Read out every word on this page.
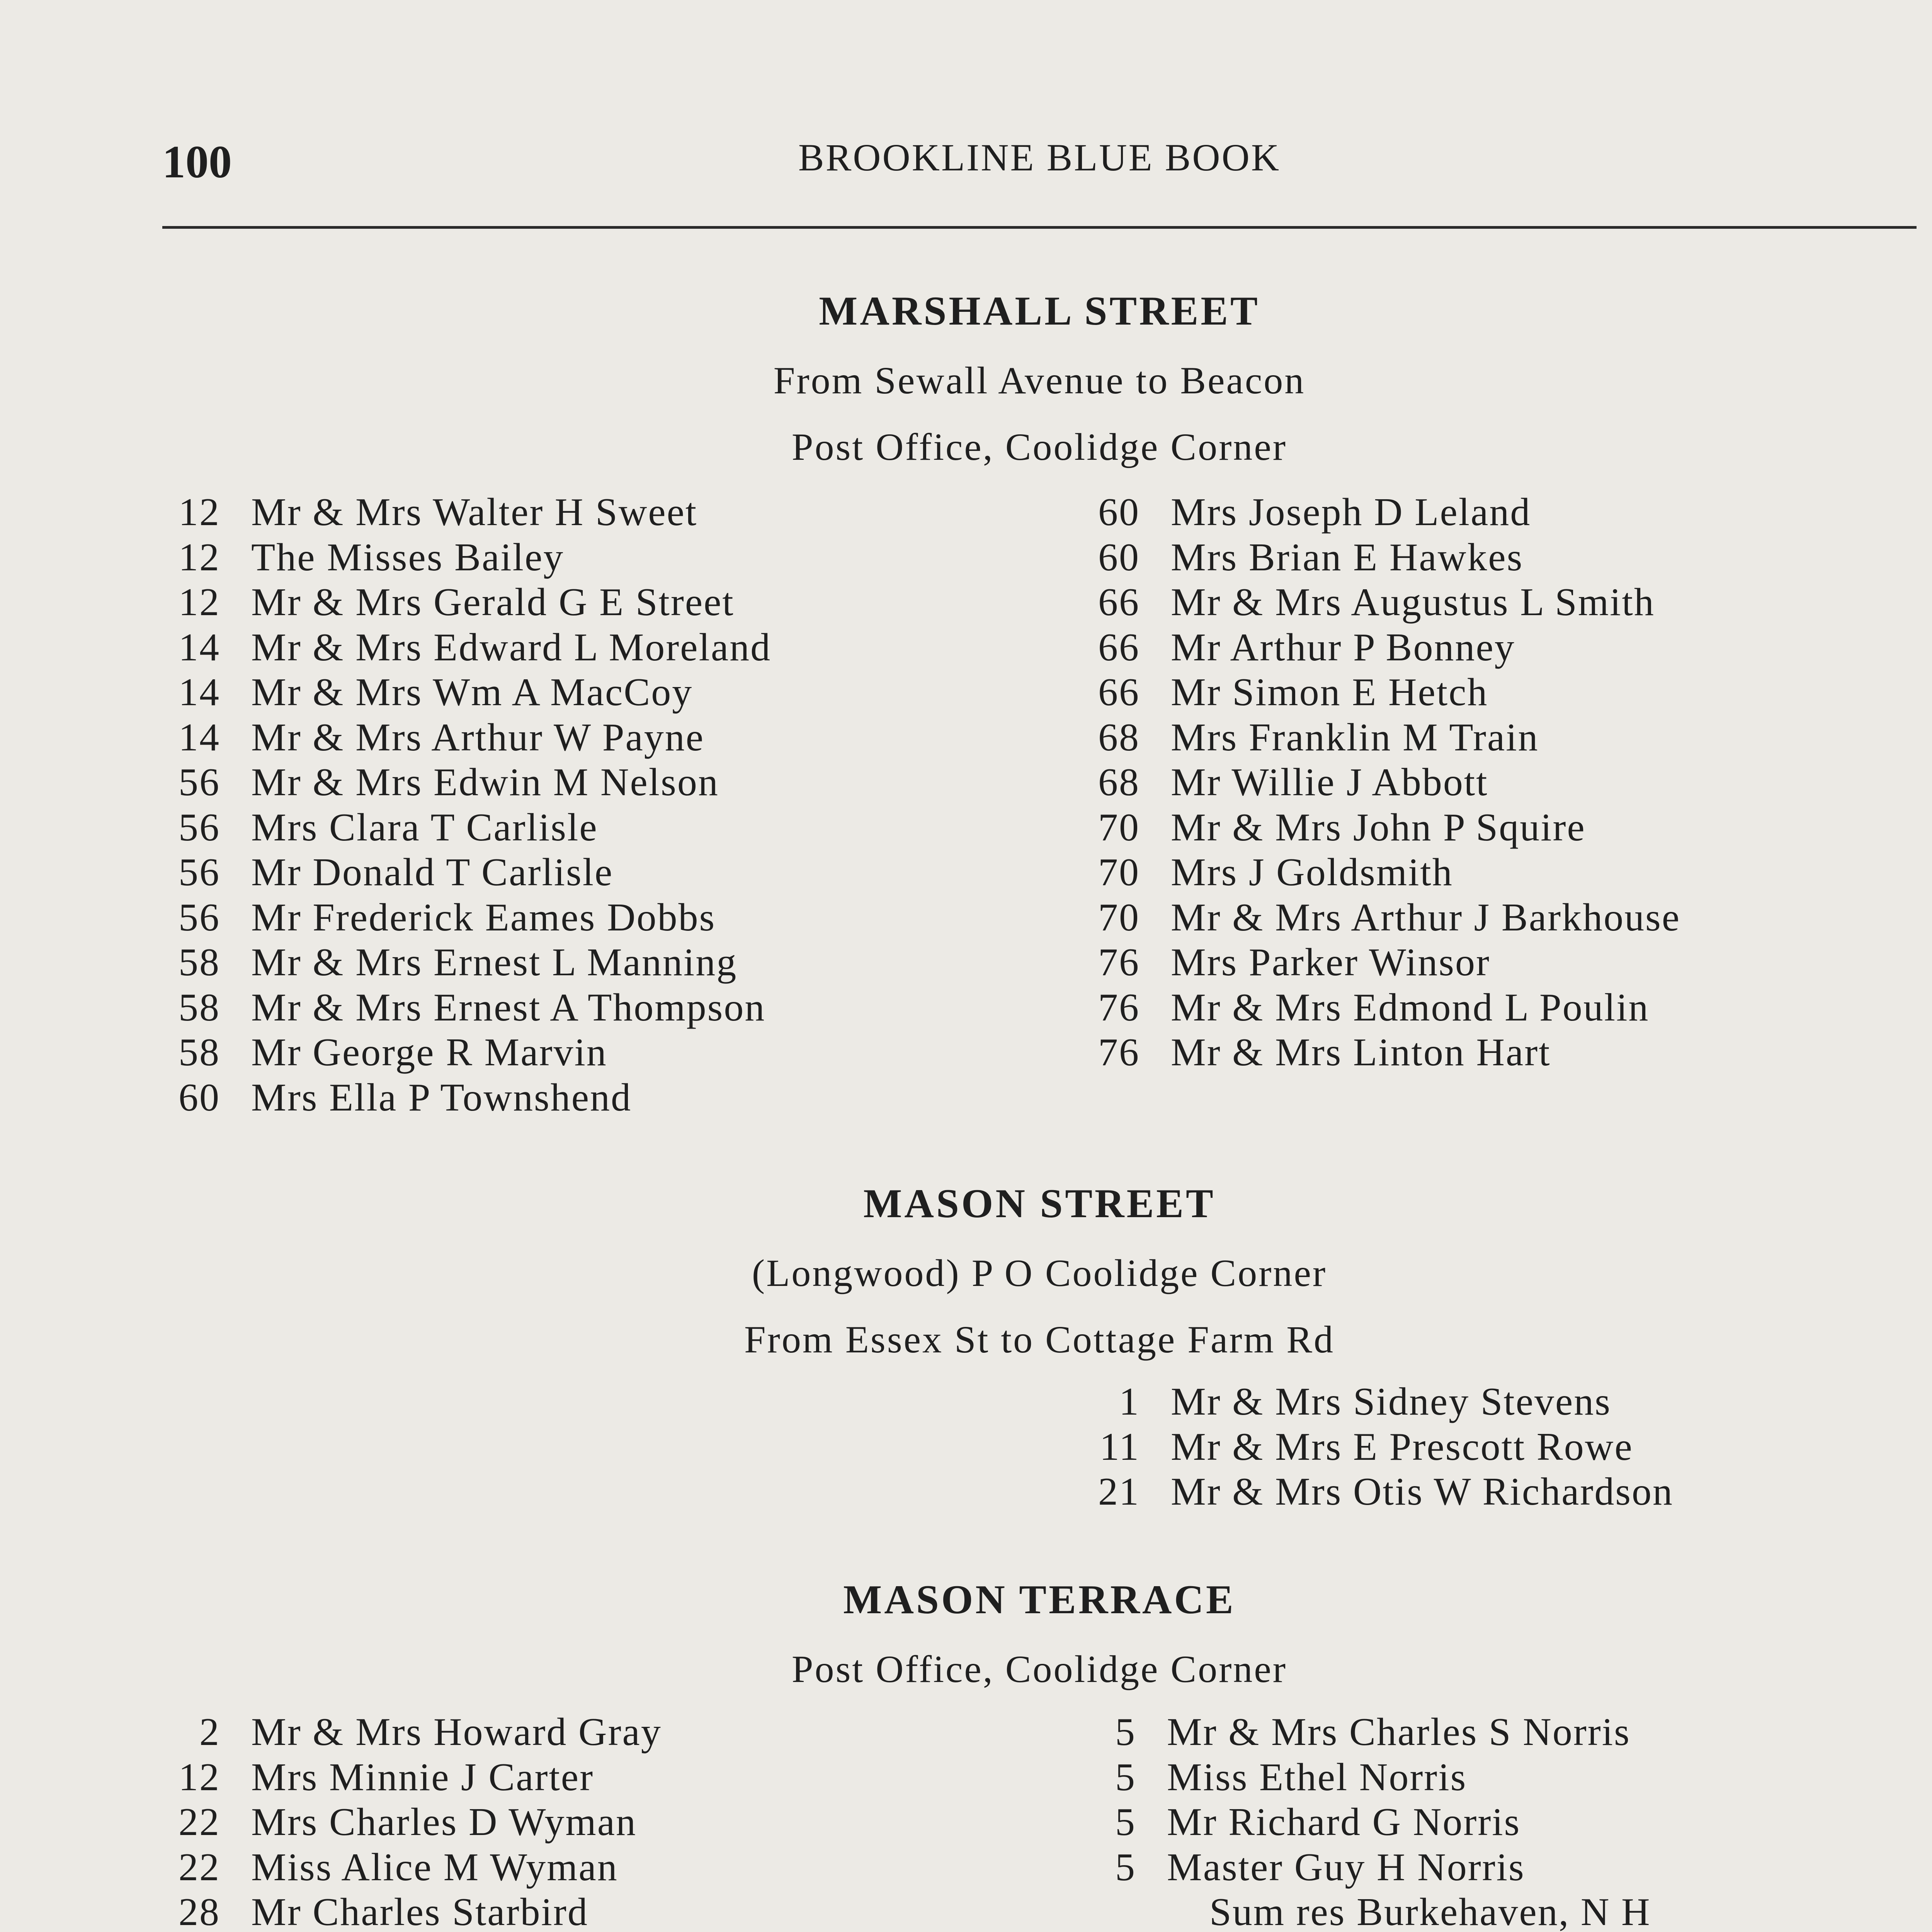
100	BROOKLINE BLUE BOOK
MARSHALL STREET
From Sewall Avenue to Beacon
Post Office, Coolidge Corner
12 Mr & Mrs Walter H Sweet
12 The Misses Bailey
12 Mr & Mrs Gerald G E Street
14 Mr & Mrs Edward L Moreland
14 Mr & Mrs Wm A MacCoy
14 Mr & Mrs Arthur W Payne
56 Mr & Mrs Edwin M Nelson
56 Mrs Clara T Carlisle
56 Mr Donald T Carlisle
56 Mr Frederick Eames Dobbs
58 Mr & Mrs Ernest L Manning
58 Mr & Mrs Ernest A Thompson
58 Mr George R Marvin
60 Mrs Ella P Townshend
60 Mrs Joseph D Leland
60 Mrs Brian E Hawkes
66 Mr & Mrs Augustus L Smith
66 Mr Arthur P Bonney
66 Mr Simon E Hetch
68 Mrs Franklin M Train
68 Mr Willie J Abbott
70 Mr & Mrs John P Squire
70 Mrs J Goldsmith
70 Mr & Mrs Arthur J Barkhouse
76 Mrs Parker Winsor
76 Mr & Mrs Edmond L Poulin
76 Mr & Mrs Linton Hart
MASON STREET
(Longwood) P O Coolidge Corner
From Essex St to Cottage Farm Rd
1 Mr & Mrs Sidney Stevens
11 Mr & Mrs E Prescott Rowe
21 Mr & Mrs Otis W Richardson
MASON TERRACE
Post Office, Coolidge Corner
2 Mr & Mrs Howard Gray
12 Mrs Minnie J Carter
22 Mrs Charles D Wyman
22 Miss Alice M Wyman
28 Mr Charles Starbird
5 Mr & Mrs Charles S Norris
5 Miss Ethel Norris
5 Mr Richard G Norris
5 Master Guy H Norris
Sum res Burkehaven, N H
